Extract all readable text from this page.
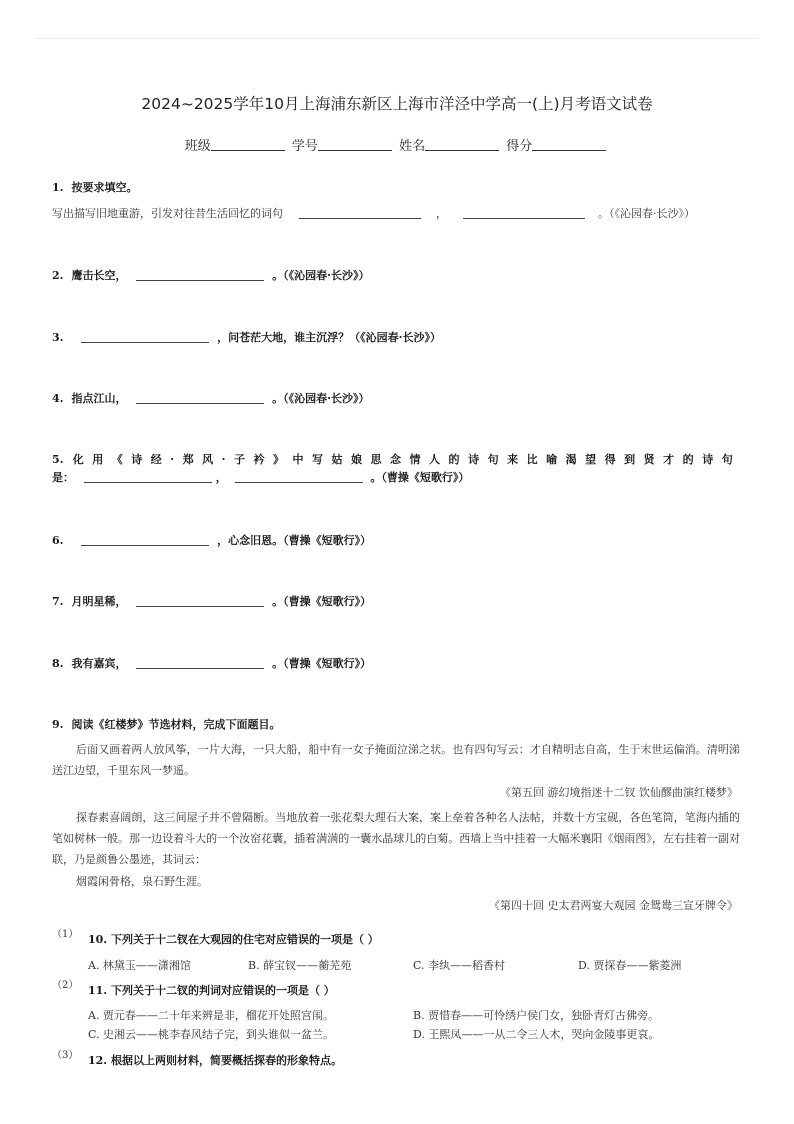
2024~2025学年10月上海浦东新区上海市洋泾中学高一(上)月考语文试卷
班级	学号	姓名	得分
1. 按要求填空。
写出描写旧地重游，引发对往昔生活回忆的词句	，	。（《沁园春·长沙》）
2. 鹰击长空，	。（《沁园春·长沙》）
3.	，问苍茫大地，谁主沉浮？（《沁园春·长沙》）
4. 指点江山，	。（《沁园春·长沙》）
5. 化用《诗经·郑风·子衿》中写姑娘思念情人的诗句来比喻渴望得到贤才的诗句
是：	，	。（曹操《短歌行》）
6.	，心念旧恩。（曹操《短歌行》）
7. 月明星稀，	。（曹操《短歌行》）
8. 我有嘉宾，	。（曹操《短歌行》）
9. 阅读《红楼梦》节选材料，完成下面题目。
后面又画着两人放风筝，一片大海，一只大船，船中有一女子掩面泣涕之状。也有四句写云：才自精明志自高，生于末世运偏消。清明涕送江边望，千里东风一梦遥。
《第五回 游幻境指迷十二钗 饮仙醪曲演红楼梦》
探春素喜阔朗，这三间屋子并不曾隔断。当地放着一张花梨大理石大案，案上垒着各种名人法帖，并数十方宝砚，各色笔筒，笔海内插的笔如树林一般。那一边设着斗大的一个汝窑花囊，插着满满的一囊水晶球儿的白菊。西墙上当中挂着一大幅米襄阳《烟雨图》，左右挂着一副对联，乃是颜鲁公墨迹，其词云：
烟霞闲骨格，泉石野生涯。
《第四十回 史太君两宴大观园 金鸳鸯三宣牙牌令》
（1） 10. 下列关于十二钗在大观园的住宅对应错误的一项是（ ）
A. 林黛玉——潇湘馆	B. 薛宝钗——蘅芜苑	C. 李纨——稻香村	D. 贾探春——紫菱洲
（2） 11. 下列关于十二钗的判词对应错误的一项是（ ）
A. 贾元春——二十年来辨是非，榴花开处照宫闱。	B. 贾惜春——可怜绣户侯门女，独卧青灯古佛旁。
C. 史湘云——桃李春风结子完，到头谁似一盆兰。	D. 王熙凤——一从二令三人木，哭向金陵事更哀。
（3） 12. 根据以上两则材料，简要概括探春的形象特点。
